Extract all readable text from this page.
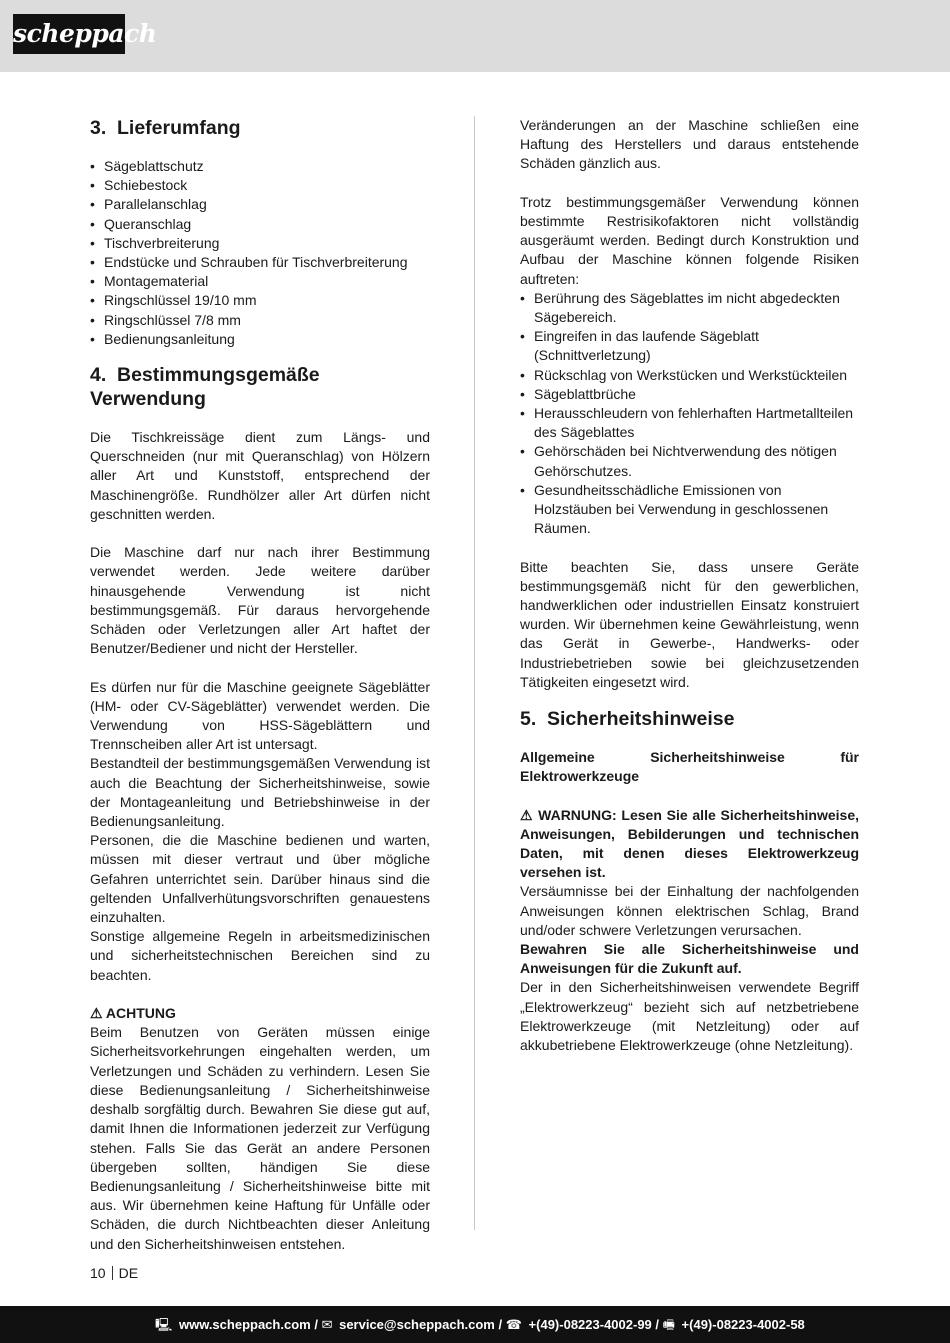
scheppach
3. Lieferumfang
• Sägeblattschutz
• Schiebestock
• Parallelanschlag
• Queranschlag
• Tischverbreiterung
• Endstücke und Schrauben für Tischverbreiterung
• Montagematerial
• Ringschlüssel 19/10 mm
• Ringschlüssel 7/8 mm
• Bedienungsanleitung
4. Bestimmungsgemäße Verwendung

Die Tischkreissäge dient zum Längs- und Querschneiden (nur mit Queranschlag) von Hölzern aller Art und Kunststoff, entsprechend der Maschinengröße. Rundhölzer aller Art dürfen nicht geschnitten werden.

Die Maschine darf nur nach ihrer Bestimmung verwendet werden. Jede weitere darüber hinausgehende Verwendung ist nicht bestimmungsgemäß. Für daraus hervorgehende Schäden oder Verletzungen aller Art haftet der Benutzer/Bediener und nicht der Hersteller.

Es dürfen nur für die Maschine geeignete Sägeblätter (HM- oder CV-Sägeblätter) verwendet werden. Die Verwendung von HSS-Sägeblättern und Trennscheiben aller Art ist untersagt.

Bestandteil der bestimmungsgemäßen Verwendung ist auch die Beachtung der Sicherheitshinweise, sowie der Montageanleitung und Betriebshinweise in der Bedienungsanleitung.

Personen, die die Maschine bedienen und warten, müssen mit dieser vertraut und über mögliche Gefahren unterrichtet sein. Darüber hinaus sind die geltenden Unfallverhütungsvorschriften genauestens einzuhalten.

Sonstige allgemeine Regeln in arbeitsmedizinischen und sicherheitstechnischen Bereichen sind zu beachten.

⚠ ACHTUNG

Beim Benutzen von Geräten müssen einige Sicherheitsvorkehrungen eingehalten werden, um Verletzungen und Schäden zu verhindern. Lesen Sie diese Bedienungsanleitung / Sicherheitshinweise deshalb sorgfältig durch. Bewahren Sie diese gut auf, damit Ihnen die Informationen jederzeit zur Verfügung stehen. Falls Sie das Gerät an andere Personen übergeben sollten, händigen Sie diese Bedienungsanleitung / Sicherheitshinweise bitte mit aus. Wir übernehmen keine Haftung für Unfälle oder Schäden, die durch Nichtbeachten dieser Anleitung und den Sicherheitshinweisen entstehen.

Veränderungen an der Maschine schließen eine Haftung des Herstellers und daraus entstehende Schäden gänzlich aus.

Trotz bestimmungsgemäßer Verwendung können bestimmte Restrisikofaktoren nicht vollständig ausgeräumt werden. Bedingt durch Konstruktion und Aufbau der Maschine können folgende Risiken auftreten:

• Berührung des Sägeblattes im nicht abgedeckten Sägebereich.
• Eingreifen in das laufende Sägeblatt (Schnittverletzung)
• Rückschlag von Werkstücken und Werkstückteilen
• Sägeblattbrüche
• Herausschleudern von fehlerhaften Hartmetallteilen des Sägeblattes
• Gehörschäden bei Nichtverwendung des nötigen Gehörschutzes.
• Gesundheitsschädliche Emissionen von Holzstäuben bei Verwendung in geschlossenen Räumen.

Bitte beachten Sie, dass unsere Geräte bestimmungsgemäß nicht für den gewerblichen, handwerklichen oder industriellen Einsatz konstruiert wurden. Wir übernehmen keine Gewährleistung, wenn das Gerät in Gewerbe-, Handwerks- oder Industriebetrieben sowie bei gleichzusetzenden Tätigkeiten eingesetzt wird.

5. Sicherheitshinweise

Allgemeine Sicherheitshinweise für Elektrowerkzeuge

⚠ WARNUNG: Lesen Sie alle Sicherheitshinweise, Anweisungen, Bebilderungen und technischen Daten, mit denen dieses Elektrowerkzeug versehen ist.

Versäumnisse bei der Einhaltung der nachfolgenden Anweisungen können elektrischen Schlag, Brand und/oder schwere Verletzungen verursachen.

Bewahren Sie alle Sicherheitshinweise und Anweisungen für die Zukunft auf.

Der in den Sicherheitshinweisen verwendete Begriff „Elektrowerkzeug“ bezieht sich auf netzbetriebene Elektrowerkzeuge (mit Netzleitung) oder auf akkubetriebene Elektrowerkzeuge (ohne Netzleitung).

10 DE
🖳 www.scheppach.com / ✉ service@scheppach.com / ☎ +(49)-08223-4002-99 / 🖷 +(49)-08223-4002-58
